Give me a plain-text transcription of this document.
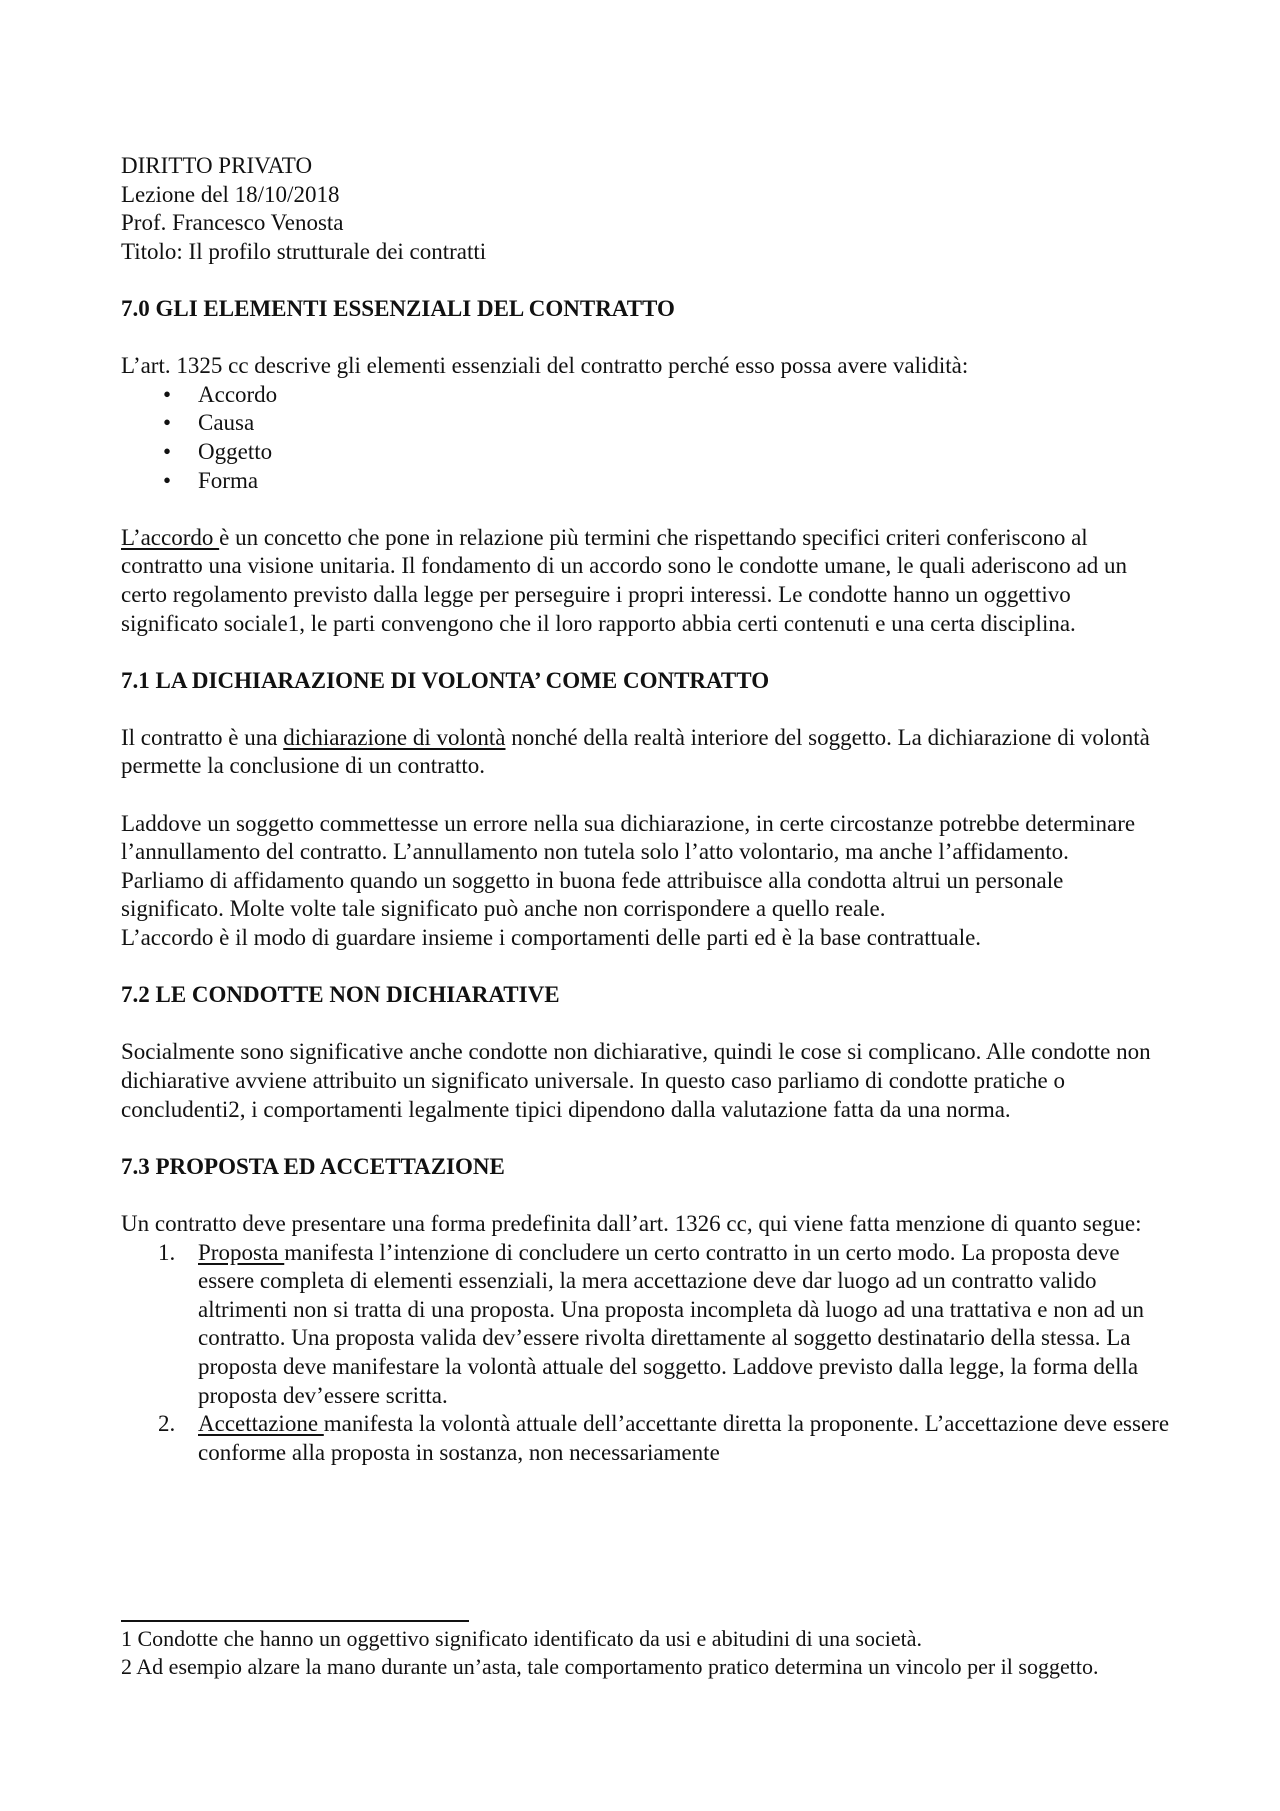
DIRITTO PRIVATO

Lezione del 18/10/2018

Prof. Francesco Venosta

Titolo: Il profilo strutturale dei contratti

7.0 GLI ELEMENTI ESSENZIALI DEL CONTRATTO

L’art. 1325 cc descrive gli elementi essenziali del contratto perché esso possa avere validità:

• Accordo
• Causa
• Oggetto
• Forma

L’accordo è un concetto che pone in relazione più termini che rispettando specifici criteri conferiscono al contratto una visione unitaria. Il fondamento di un accordo sono le condotte umane, le quali aderiscono ad un certo regolamento previsto dalla legge per perseguire i propri interessi. Le condotte hanno un oggettivo significato sociale1, le parti convengono che il loro rapporto abbia certi contenuti e una certa disciplina.

7.1 LA DICHIARAZIONE DI VOLONTA’ COME CONTRATTO

Il contratto è una dichiarazione di volontà nonché della realtà interiore del soggetto. La dichiarazione di volontà permette la conclusione di un contratto.

Laddove un soggetto commettesse un errore nella sua dichiarazione, in certe circostanze potrebbe determinare l’annullamento del contratto. L’annullamento non tutela solo l’atto volontario, ma anche l’affidamento.

Parliamo di affidamento quando un soggetto in buona fede attribuisce alla condotta altrui un personale significato. Molte volte tale significato può anche non corrispondere a quello reale.

L’accordo è il modo di guardare insieme i comportamenti delle parti ed è la base contrattuale.

7.2 LE CONDOTTE NON DICHIARATIVE

Socialmente sono significative anche condotte non dichiarative, quindi le cose si complicano. Alle condotte non dichiarative avviene attribuito un significato universale. In questo caso parliamo di condotte pratiche o concludenti2, i comportamenti legalmente tipici dipendono dalla valutazione fatta da una norma.

7.3 PROPOSTA ED ACCETTAZIONE

Un contratto deve presentare una forma predefinita dall’art. 1326 cc, qui viene fatta menzione di quanto segue:

1. Proposta manifesta l’intenzione di concludere un certo contratto in un certo modo. La proposta deve essere completa di elementi essenziali, la mera accettazione deve dar luogo ad un contratto valido altrimenti non si tratta di una proposta. Una proposta incompleta dà luogo ad una trattativa e non ad un contratto. Una proposta valida dev’essere rivolta direttamente al soggetto destinatario della stessa. La proposta deve manifestare la volontà attuale del soggetto. Laddove previsto dalla legge, la forma della proposta dev’essere scritta.
2. Accettazione manifesta la volontà attuale dell’accettante diretta la proponente. L’accettazione deve essere conforme alla proposta in sostanza, non necessariamente

1 Condotte che hanno un oggettivo significato identificato da usi e abitudini di una società.

2 Ad esempio alzare la mano durante un’asta, tale comportamento pratico determina un vincolo per il soggetto.
